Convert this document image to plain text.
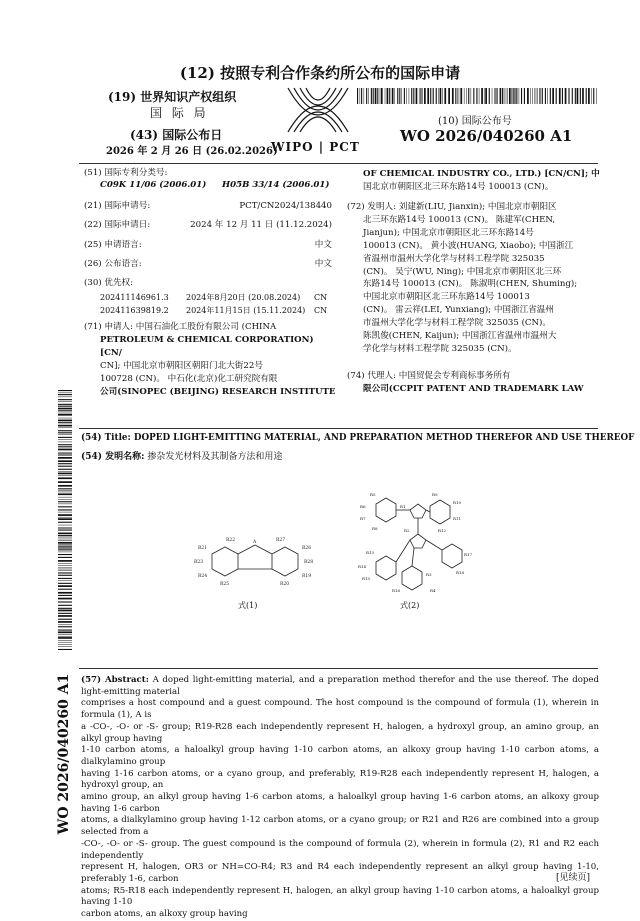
(12) 按照专利合作条约所公布的国际申请
(19) 世界知识产权组织
国 际 局
(43) 国际公布日
2026 年 2 月 26 日 (26.02.2026)
WIPO | PCT
(10) 国际公布号
WO 2026/040260 A1
(51) 国际专利分类号:
C09K 11/06 (2006.01) H05B 33/14 (2006.01)
(21) 国际申请号:	PCT/CN2024/138440
(22) 国际申请日:	2024 年 12 月 11 日 (11.12.2024)
(25) 申请语言:	中文
(26) 公布语言:	中文
(30) 优先权:
202411146961.3 2024年8月20日 (20.08.2024) CN
202411639819.2 2024年11月15日 (15.11.2024) CN
(71) 申请人: 中国石油化工股份有限公司 (CHINA
PETROLEUM & CHEMICAL CORPORATION) [CN/
CN]; 中国北京市朝阳区朝阳门北大街22号
100728 (CN)。 中石化(北京)化工研究院有限
公司(SINOPEC (BEIJING) RESEARCH INSTITUTE
OF CHEMICAL INDUSTRY CO., LTD.) [CN/CN]; 中
国北京市朝阳区北三环东路14号 100013 (CN)。
(72) 发明人: 刘建新(LIU, Jianxin); 中国北京市朝阳区
北三环东路14号 100013 (CN)。 陈建军(CHEN,
Jianjun); 中国北京市朝阳区北三环东路14号
100013 (CN)。 黄小波(HUANG, Xiaobo); 中国浙江
省温州市温州大学化学与材料工程学院 325035
(CN)。 吴宁(WU, Ning); 中国北京市朝阳区北三环
东路14号 100013 (CN)。 陈淑明(CHEN, Shuming);
中国北京市朝阳区北三环东路14号 100013
(CN)。 雷云祥(LEI, Yunxiang); 中国浙江省温州
市温州大学化学与材料工程学院 325035 (CN)。
陈凯俊(CHEN, Kaijun); 中国浙江省温州市温州大
学化学与材料工程学院 325035 (CN)。
(74) 代理人: 中国贸促会专利商标事务所有
限公司(CCPIT PATENT AND TRADEMARK LAW
WO 2026/040260 A1
(54) Title: DOPED LIGHT-EMITTING MATERIAL, AND PREPARATION METHOD THEREFOR AND USE THEREOF
(54) 发明名称: 掺杂发光材料及其制备方法和用途
A
R22
R21
R23
R24
R25
R27
R26
R28
R19
R20
式(1)
R5
R6
R7
R8
R9
R10
R11
R12
R13
R14
R15
R16
R17
R18
R1
R2
R3
R4
式(2)
(57) Abstract: A doped light-emitting material, and a preparation method therefor and the use thereof. The doped light-emitting material
comprises a host compound and a guest compound. The host compound is the compound of formula (1), wherein in formula (1), A is
a -CO-, -O- or -S- group; R19-R28 each independently represent H, halogen, a hydroxyl group, an amino group, an alkyl group having
1-10 carbon atoms, a haloalkyl group having 1-10 carbon atoms, an alkoxy group having 1-10 carbon atoms, a dialkylamino group
having 1-16 carbon atoms, or a cyano group, and preferably, R19-R28 each independently represent H, halogen, a hydroxyl group, an
amino group, an alkyl group having 1-6 carbon atoms, a haloalkyl group having 1-6 carbon atoms, an alkoxy group having 1-6 carbon
atoms, a dialkylamino group having 1-12 carbon atoms, or a cyano group; or R21 and R26 are combined into a group selected from a
-CO-, -O- or -S- group. The guest compound is the compound of formula (2), wherein in formula (2), R1 and R2 each independently
represent H, halogen, OR3 or NH=CO-R4; R3 and R4 each independently represent an alkyl group having 1-10, preferably 1-6, carbon
atoms; R5-R18 each independently represent H, halogen, an alkyl group having 1-10 carbon atoms, a haloalkyl group having 1-10
carbon atoms, an alkoxy group having
[见续页]
